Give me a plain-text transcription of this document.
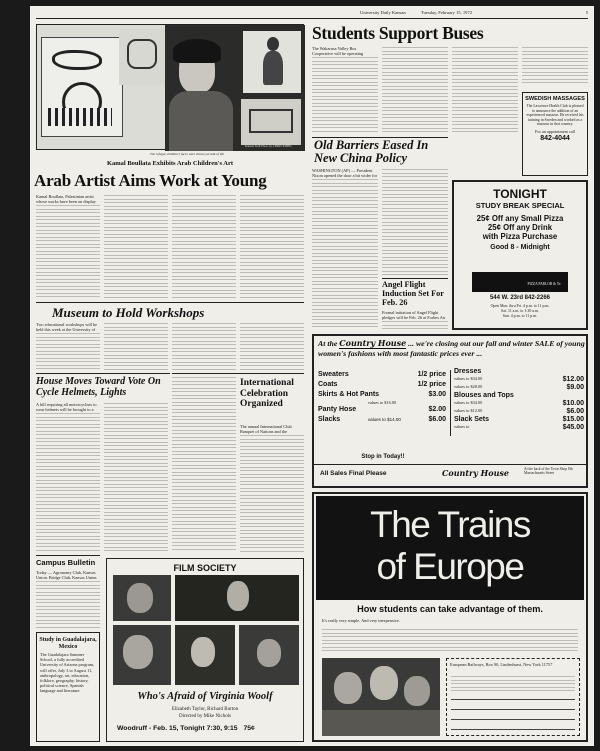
University Daily Kansan	Tuesday, February 15, 1972	5
Kansan Staff Photo by CHRIS JOHNS
The refugee children's faces were drawn yet talk of life
Kamal Boullata Exhibits Arab Children's Art
Arab Artist Aims Work at Young
Kamal Boullata, Palestinian artist whose works have been on display
Museum to Hold Workshops
Two educational workshops will be held this week at the University of
House Moves Toward Vote On Cycle Helmets, Lights
A bill requiring all motorcyclists to wear helmets will be brought to a
Campus Bulletin
Today — Agronomy Club, Kansas Union. Bridge Club, Kansas Union.
Study in Guadalajara, Mexico
The Guadalajara Summer School, a fully accredited University of Arizona program, will offer, July 3 to August 11, anthropology, art, education, folklore, geography, history, political science, Spanish language and literature.
International Celebration Organized
The annual International Club Banquet of Nations and the
FILM SOCIETY
Who's Afraid of Virginia Woolf
Elizabeth Taylor, Richard Burton
Directed by Mike Nichols
Woodruff - Feb. 15, Tonight 7:30, 9:15 75¢
Students Support Buses
The Wakarusa Valley Bus Cooperative will be operating
Old Barriers Eased In New China Policy
WASHINGTON (AP) — President Nixon opened the door a bit wider for
Angel Flight Induction Set For Feb. 26
Formal initiation of Angel Flight pledges will be Feb. 26 at Forbes Air
SWEDISH MASSAGES
The Lawrence Health Club is pleased to announce the addition of an experienced masseur. He received his training in Sweden and worked as a masseur in that country.
For an appointment call
842-4044
TONIGHT
STUDY BREAK SPECIAL
25¢ Off any Small Pizza
25¢ Off any Drink
with Pizza Purchase
Good 8 - Midnight
SHAKEY'S PIZZA PARLOR & Ye Public house
544 W. 23rd 842-2266
Open Mon. thru Fri. 4 p.m. to 11 p.m.
Sat. 11 a.m. to 1:30 a.m.
Sun. 4 p.m. to 11 p.m.
At the Country House ... we're closing out our fall and winter SALE of young women's fashions with most fantastic prices ever ...
Sweaters	1/2 price
Coats	1/2 price
Skirts & Hot Pants	$3.00
values to $16.00
Panty Hose	$2.00
Slacks	values to $14.00	$6.00
Dresses
values to $34.00	$12.00
values to $28.00	$9.00
Blouses and Tops
values to $34.00	$10.00
values to $12.00	$6.00
Slack Sets	$15.00
values to	$45.00
Stop in Today!!
All Sales Final Please	Country House	At the back of the Town Shop 8th Massachusetts Street
The Trains
of Europe
How students can take advantage of them.
It's really very simple. And very inexpensive.
European Railways, Box 90, Lindenhurst, New York 11757
